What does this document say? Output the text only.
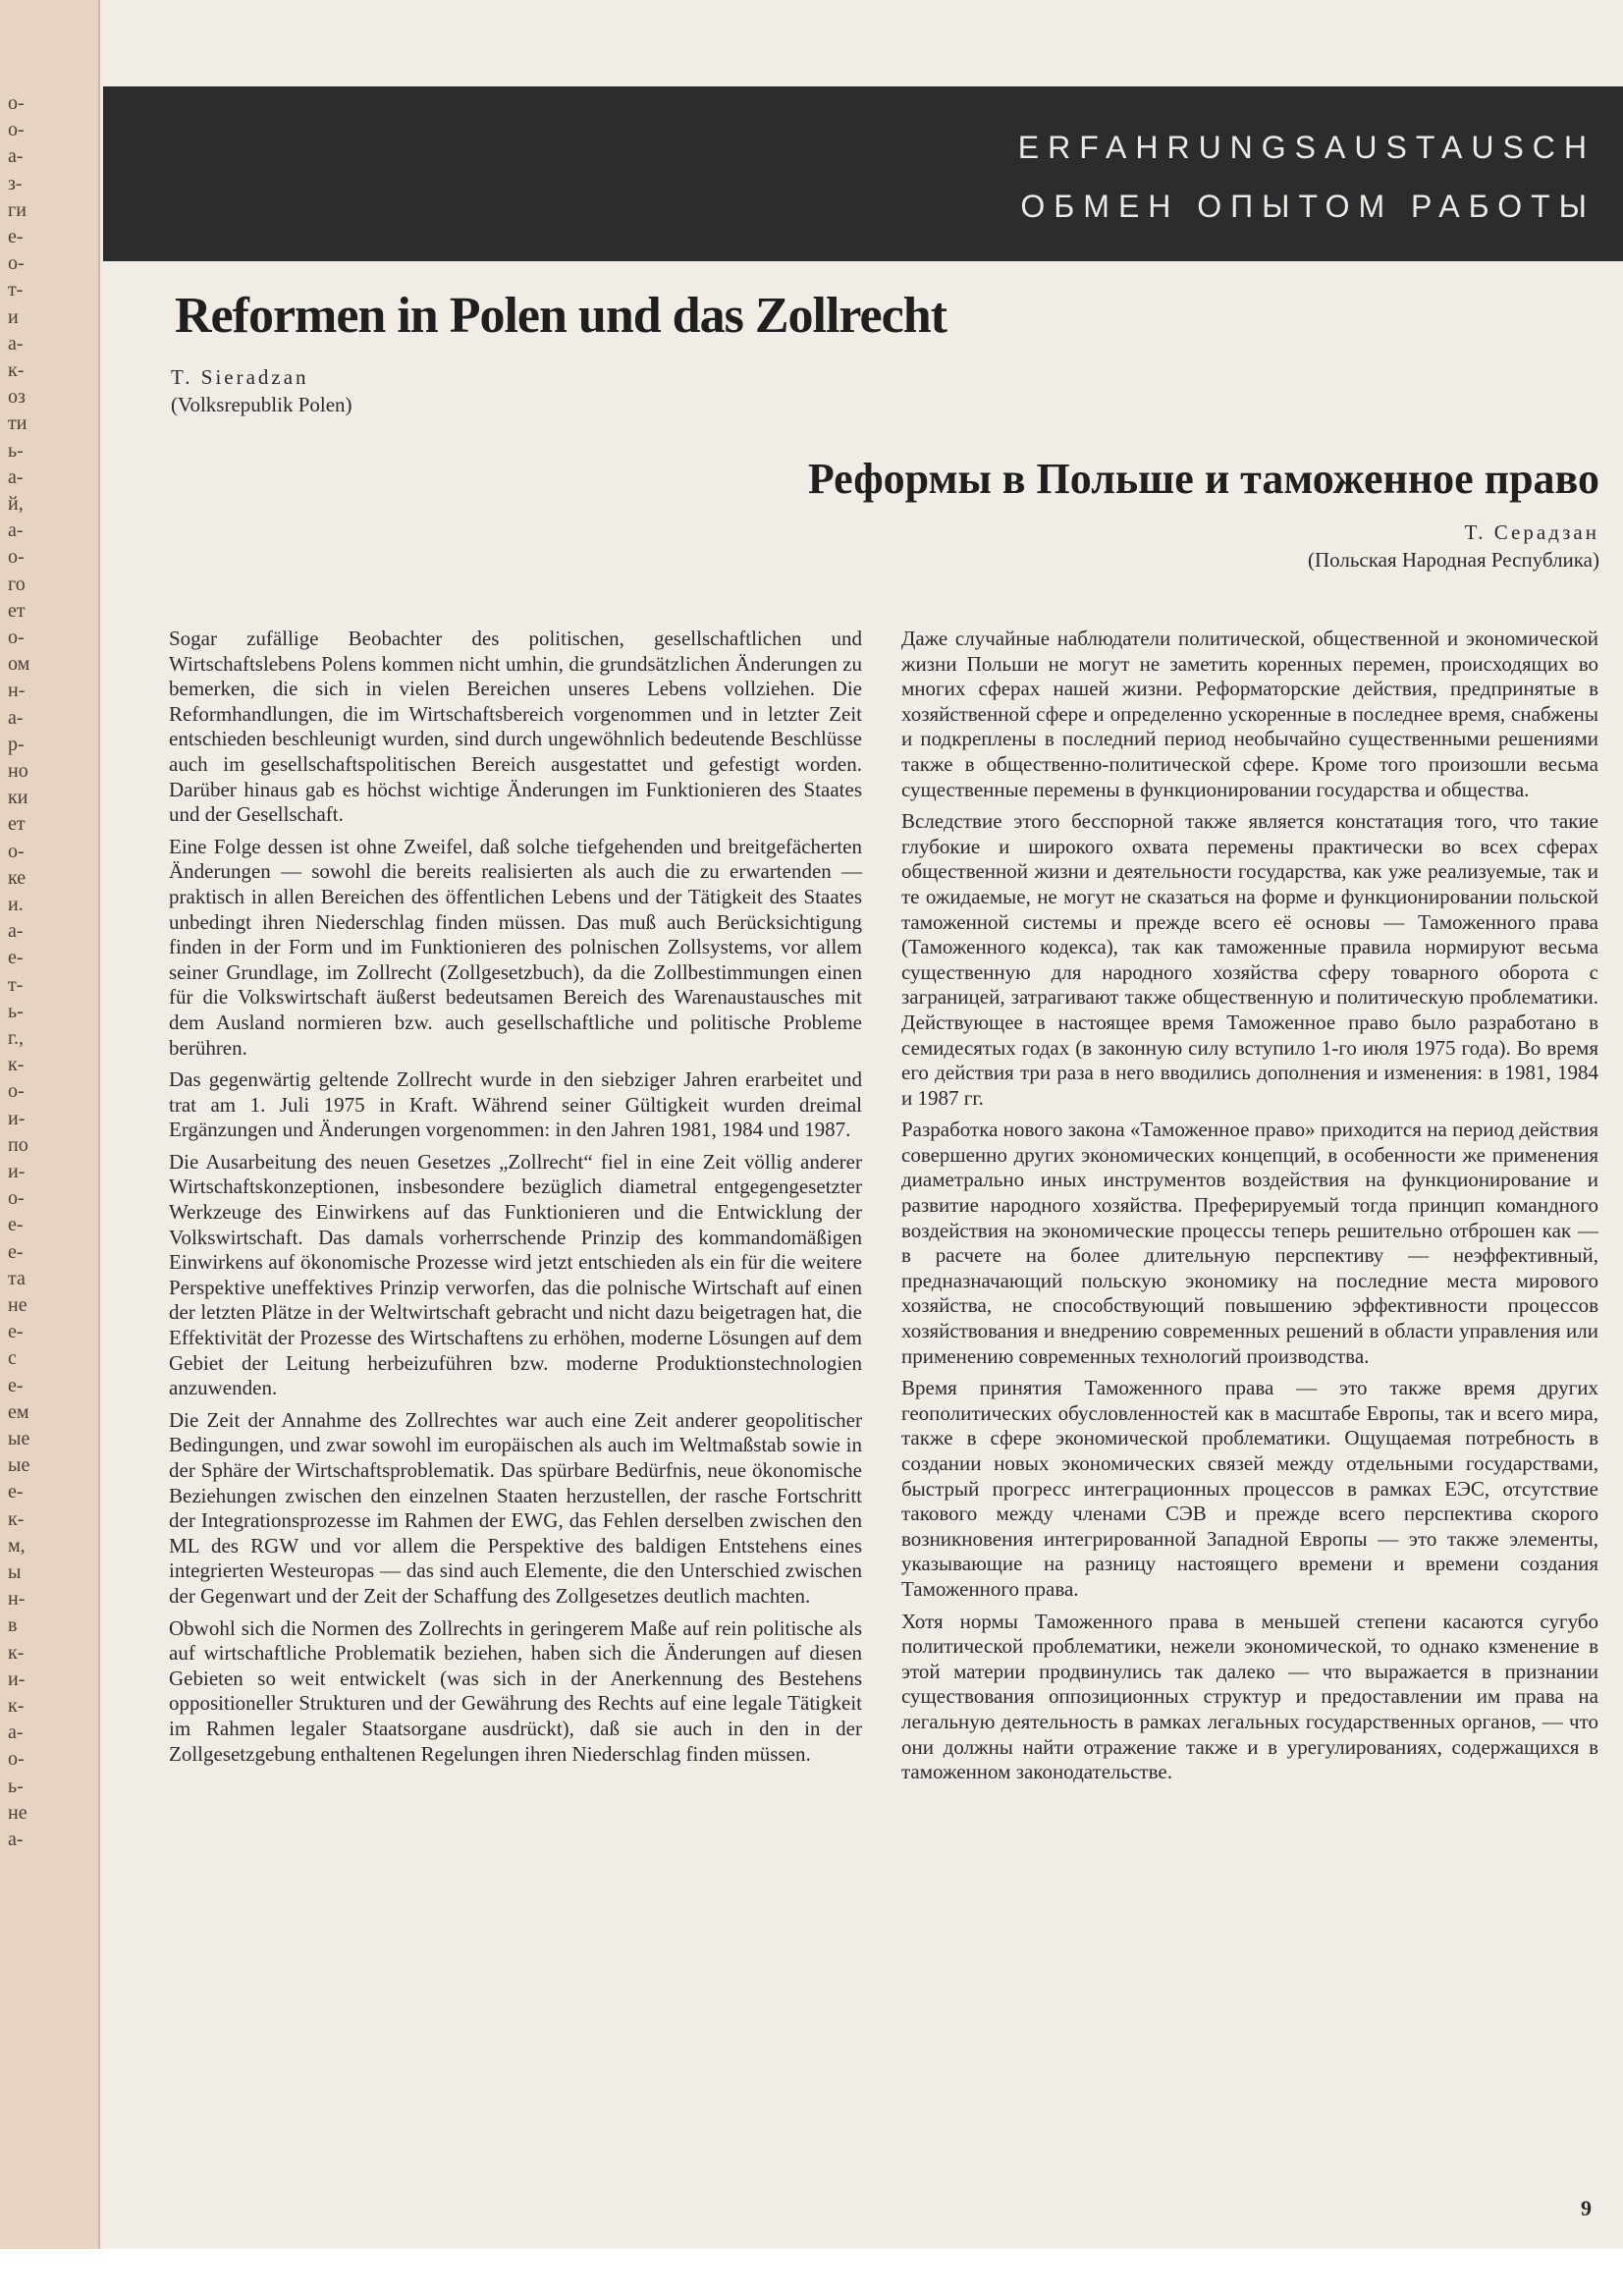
о-
о-
а-
з-
ги
е-
о-
т-
и
а-
к-
оз
ти
ь-
а-
й,
а-
о-
го
ет
о-
ом
н-
а-
р-
но
ки
ет
о-
ке
и.
а-
е-
т-
ь-
г.,
к-
о-
и-
по
и-
о-
е-
е-
та
не
е-
с
е-
ем
ые
ые
е-
к-
м,
ы
н-
в
к-
и-
к-
а-
о-
ь-
не
а-
ERFAHRUNGSAUSTAUSCH
ОБМЕН ОПЫТОМ РАБОТЫ
Reformen in Polen und das Zollrecht
T. Sieradzan
(Volksrepublik Polen)
Реформы в Польше и таможенное право
Т. Серадзан
(Польская Народная Республика)

Sogar zufällige Beobachter des politischen, gesellschaftlichen und Wirtschaftslebens Polens kommen nicht umhin, die grundsätzlichen Änderungen zu bemerken, die sich in vielen Bereichen unseres Lebens vollziehen. Die Reformhandlungen, die im Wirtschaftsbereich vorgenommen und in letzter Zeit entschieden beschleunigt wurden, sind durch ungewöhnlich bedeutende Beschlüsse auch im gesellschaftspolitischen Bereich ausgestattet und gefestigt worden. Darüber hinaus gab es höchst wichtige Änderungen im Funktionieren des Staates und der Gesellschaft.

Eine Folge dessen ist ohne Zweifel, daß solche tiefgehenden und breitgefächerten Änderungen — sowohl die bereits realisierten als auch die zu erwartenden — praktisch in allen Bereichen des öffentlichen Lebens und der Tätigkeit des Staates unbedingt ihren Niederschlag finden müssen. Das muß auch Berücksichtigung finden in der Form und im Funktionieren des polnischen Zollsystems, vor allem seiner Grundlage, im Zollrecht (Zollgesetzbuch), da die Zollbestimmungen einen für die Volkswirtschaft äußerst bedeutsamen Bereich des Warenaustausches mit dem Ausland normieren bzw. auch gesellschaftliche und politische Probleme berühren.

Das gegenwärtig geltende Zollrecht wurde in den siebziger Jahren erarbeitet und trat am 1. Juli 1975 in Kraft. Während seiner Gültigkeit wurden dreimal Ergänzungen und Änderungen vorgenommen: in den Jahren 1981, 1984 und 1987.

Die Ausarbeitung des neuen Gesetzes „Zollrecht“ fiel in eine Zeit völlig anderer Wirtschaftskonzeptionen, insbesondere bezüglich diametral entgegengesetzter Werkzeuge des Einwirkens auf das Funktionieren und die Entwicklung der Volkswirtschaft. Das damals vorherrschende Prinzip des kommandomäßigen Einwirkens auf ökonomische Prozesse wird jetzt entschieden als ein für die weitere Perspektive uneffektives Prinzip verworfen, das die polnische Wirtschaft auf einen der letzten Plätze in der Weltwirtschaft gebracht und nicht dazu beigetragen hat, die Effektivität der Prozesse des Wirtschaftens zu erhöhen, moderne Lösungen auf dem Gebiet der Leitung herbeizuführen bzw. moderne Produktionstechnologien anzuwenden.

Die Zeit der Annahme des Zollrechtes war auch eine Zeit anderer geopolitischer Bedingungen, und zwar sowohl im europäischen als auch im Weltmaßstab sowie in der Sphäre der Wirtschaftsproblematik. Das spürbare Bedürfnis, neue ökonomische Beziehungen zwischen den einzelnen Staaten herzustellen, der rasche Fortschritt der Integrationsprozesse im Rahmen der EWG, das Fehlen derselben zwischen den ML des RGW und vor allem die Perspektive des baldigen Entstehens eines integrierten Westeuropas — das sind auch Elemente, die den Unterschied zwischen der Gegenwart und der Zeit der Schaffung des Zollgesetzes deutlich machten.

Obwohl sich die Normen des Zollrechts in geringerem Maße auf rein politische als auf wirtschaftliche Problematik beziehen, haben sich die Änderungen auf diesen Gebieten so weit entwickelt (was sich in der Anerkennung des Bestehens oppositioneller Strukturen und der Gewährung des Rechts auf eine legale Tätigkeit im Rahmen legaler Staatsorgane ausdrückt), daß sie auch in den in der Zollgesetzgebung enthaltenen Regelungen ihren Niederschlag finden müssen.

Даже случайные наблюдатели политической, общественной и экономической жизни Польши не могут не заметить коренных перемен, происходящих во многих сферах нашей жизни. Реформаторские действия, предпринятые в хозяйственной сфере и определенно ускоренные в последнее время, снабжены и подкреплены в последний период необычайно существенными решениями также в общественно-политической сфере. Кроме того произошли весьма существенные перемены в функционировании государства и общества.

Вследствие этого бесспорной также является констатация того, что такие глубокие и широкого охвата перемены практически во всех сферах общественной жизни и деятельности государства, как уже реализуемые, так и те ожидаемые, не могут не сказаться на форме и функционировании польской таможенной системы и прежде всего её основы — Таможенного права (Таможенного кодекса), так как таможенные правила нормируют весьма существенную для народного хозяйства сферу товарного оборота с заграницей, затрагивают также общественную и политическую проблематики. Действующее в настоящее время Таможенное право было разработано в семидесятых годах (в законную силу вступило 1-го июля 1975 года). Во время его действия три раза в него вводились дополнения и изменения: в 1981, 1984 и 1987 гг.

Разработка нового закона «Таможенное право» приходится на период действия совершенно других экономических концепций, в особенности же применения диаметрально иных инструментов воздействия на функционирование и развитие народного хозяйства. Преферируемый тогда принцип командного воздействия на экономические процессы теперь решительно отброшен как — в расчете на более длительную перспективу — неэффективный, предназначающий польскую экономику на последние места мирового хозяйства, не способствующий повышению эффективности процессов хозяйствования и внедрению современных решений в области управления или применению современных технологий производства.

Время принятия Таможенного права — это также время других геополитических обусловленностей как в масштабе Европы, так и всего мира, также в сфере экономической проблематики. Ощущаемая потребность в создании новых экономических связей между отдельными государствами, быстрый прогресс интеграционных процессов в рамках ЕЭС, отсутствие такового между членами СЭВ и прежде всего перспектива скорого возникновения интегрированной Западной Европы — это также элементы, указывающие на разницу настоящего времени и времени создания Таможенного права.

Хотя нормы Таможенного права в меньшей степени касаются сугубо политической проблематики, нежели экономической, то однако кзменение в этой материи продвинулись так далеко — что выражается в признании существования оппозиционных структур и предоставлении им права на легальную деятельность в рамках легальных государственных органов, — что они должны найти отражение также и в урегулированиях, содержащихся в таможенном законодательстве.

9
